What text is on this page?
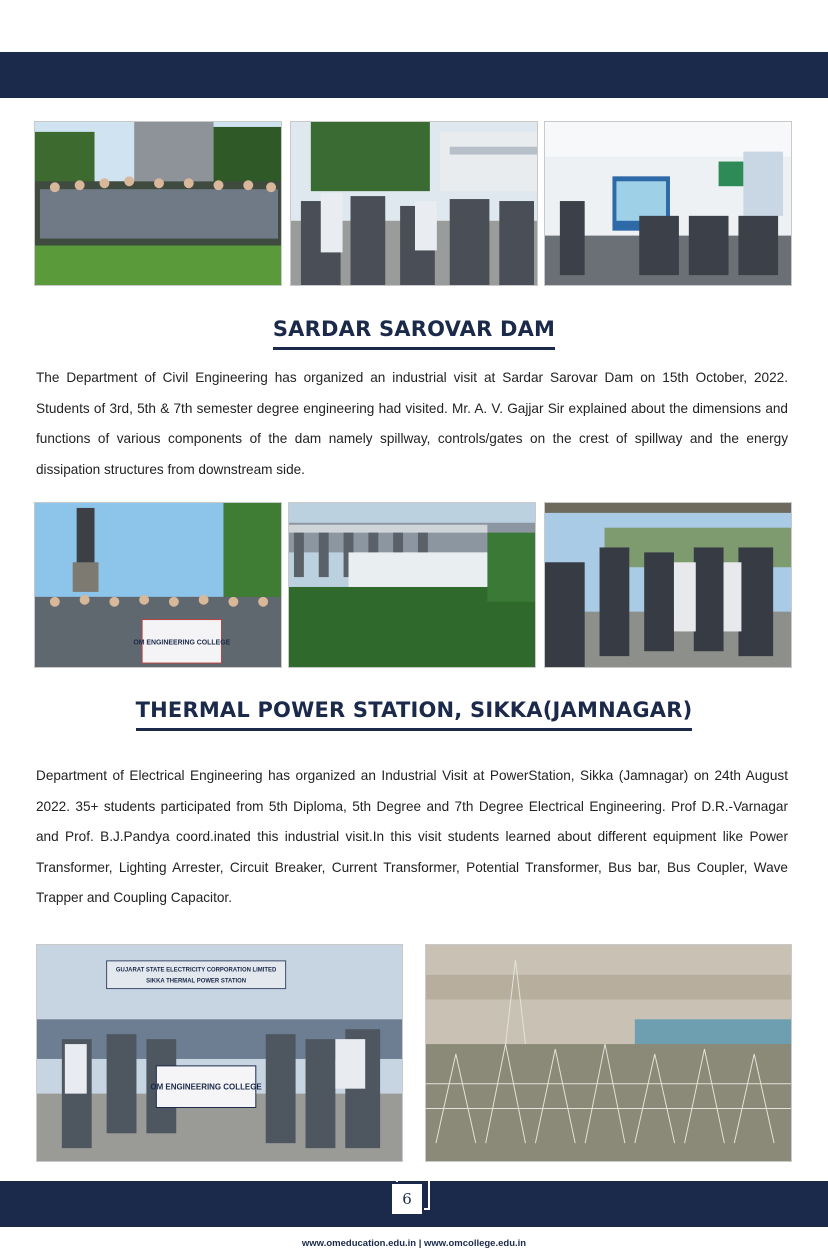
SARDAR SAROVAR DAM

The Department of Civil Engineering has organized an industrial visit at Sardar Sarovar Dam on 15th October, 2022. Students of 3rd, 5th & 7th semester degree engineering had visited. Mr. A. V. Gajjar Sir explained about the dimensions and functions of various components of the dam namely spillway, controls/gates on the crest of spillway and the energy dissipation structures from downstream side.

OM ENGINEERING COLLEGE
THERMAL POWER STATION, SIKKA(JAMNAGAR)

Department of Electrical Engineering has organized an Industrial Visit at PowerStation, Sikka (Jamnagar) on 24th August 2022. 35+ students participated from 5th Diploma, 5th Degree and 7th Degree Electrical Engineering. Prof D.R.-Varnagar and Prof. B.J.Pandya coord.inated this industrial visit.In this visit students learned about different equipment like Power Transformer, Lighting Arrester, Circuit Breaker, Current Transformer, Potential Transformer, Bus bar, Bus Coupler, Wave Trapper and Coupling Capacitor.

GUJARAT STATE ELECTRICITY CORPORATION LIMITED
SIKKA THERMAL POWER STATION
OM ENGINEERING COLLEGE
6
www.omeducation.edu.in | www.omcollege.edu.in
